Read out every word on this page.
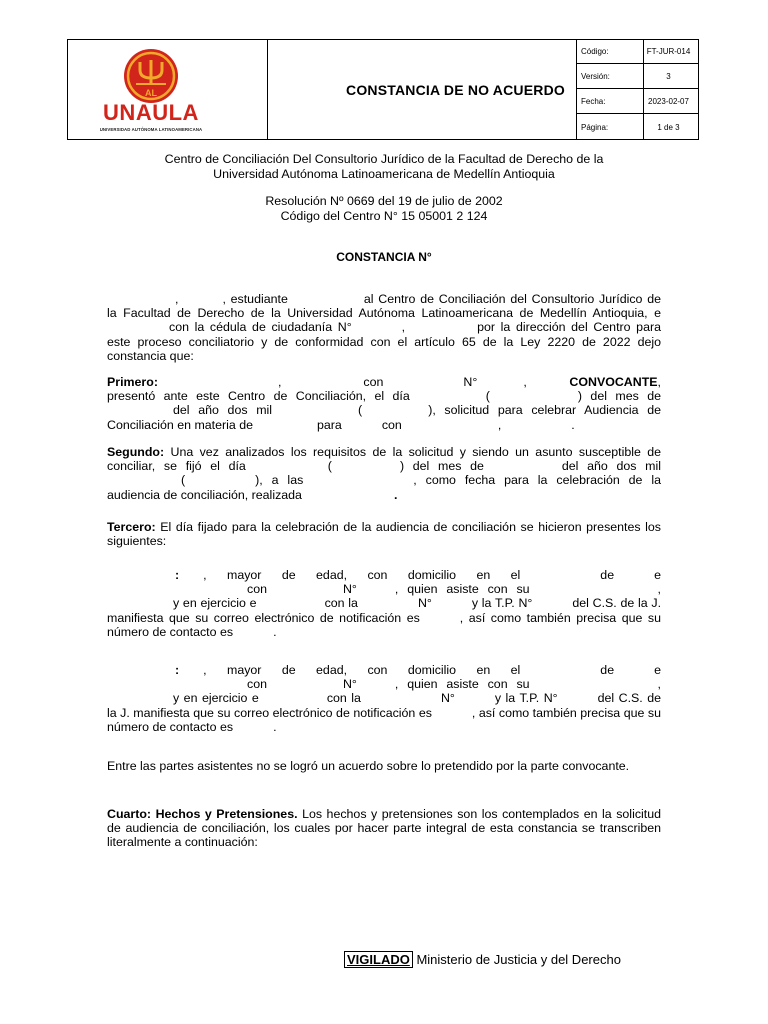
AL
UNAULA
UNIVERSIDAD AUTÓNOMA LATINOAMERICANA
CONSTANCIA DE NO ACUERDO
Código:	FT-JUR-014
Versión:	3
Fecha:	2023-02-07
Página:	1 de 3
Centro de Conciliación Del Consultorio Jurídico de la Facultad de Derecho de la
Universidad Autónoma Latinoamericana de Medellín Antioquia
Resolución Nº 0669 del 19 de julio de 2002
Código del Centro N° 15 05001 2 124
CONSTANCIA N°
,	, estudiante	al Centro de Conciliación del Consultorio Jurídico de la Facultad de Derecho de la Universidad Autónoma Latinoamericana de Medellín Antioquia, econ la cédula de ciudadanía N°	,	por la dirección del Centro para este proceso conciliatorio y de conformidad con el artículo 65 de la Ley 2220 de 2022 dejo constancia que:
Primero:	,	con	N°	,	CONVOCANTE, presentó ante este Centro de Conciliación, el día	(	) del mes dedel año dos mil	(	), solicitud para celebrar Audiencia de Conciliación en materia de	para	con	,	.
Segundo: Una vez analizados los requisitos de la solicitud y siendo un asunto susceptible de conciliar, se fijó el día	(	) del mes de	del año dos mil(	), a las	, como fecha para la celebración de la audiencia de conciliación, realizada	.
Tercero: El día fijado para la celebración de la audiencia de conciliación se hicieron presentes los siguientes:
: , mayor de edad, con domicilio en el	de	econ	N°	, quien asiste con su	,y en ejercicio e	con la	N°	y la T.P. N°	del C.S. de la J. manifiesta que su correo electrónico de notificación es	, así como también precisa que su número de contacto es	.
: , mayor de edad, con domicilio en el	de	econ	N°	, quien asiste con su	,y en ejercicio e	con la	N°	y la T.P. N°	del C.S. de la J. manifiesta que su correo electrónico de notificación es	, así como también precisa que su número de contacto es	.
Entre las partes asistentes no se logró un acuerdo sobre lo pretendido por la parte convocante.
Cuarto: Hechos y Pretensiones. Los hechos y pretensiones son los contemplados en la solicitud de audiencia de conciliación, los cuales por hacer parte integral de esta constancia se transcriben literalmente a continuación:
VIGILADO Ministerio de Justicia y del Derecho
